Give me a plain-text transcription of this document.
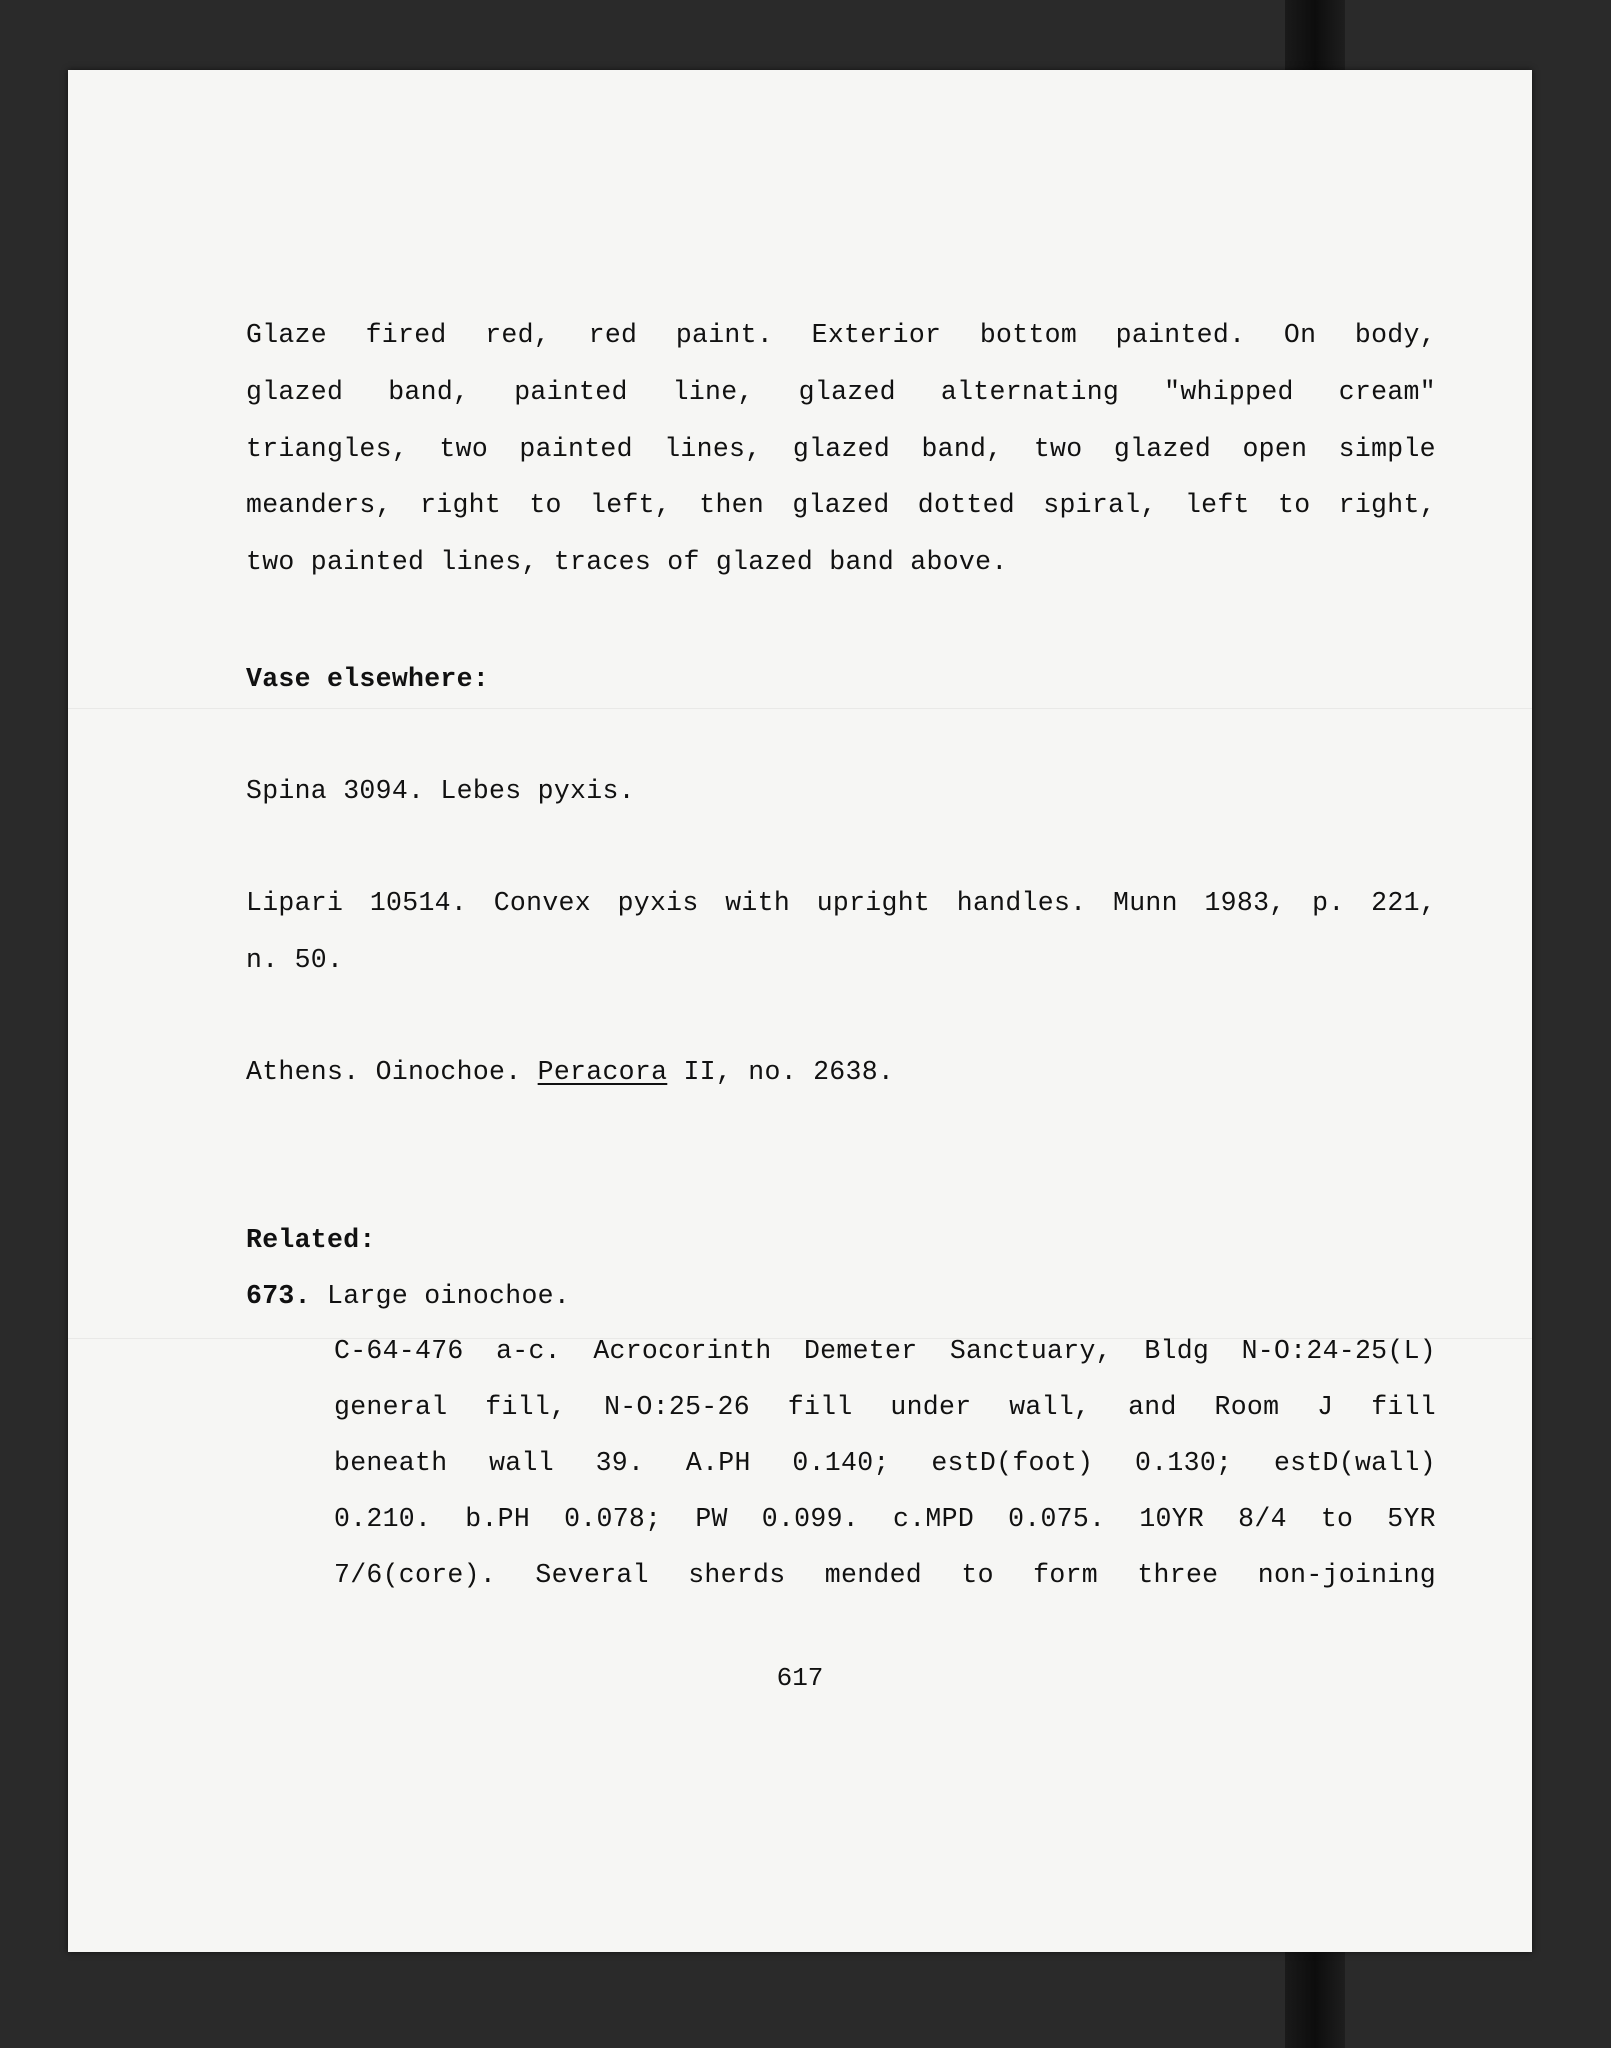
Glaze fired red, red paint. Exterior bottom painted. On body,
glazed band, painted line, glazed alternating "whipped cream"
triangles, two painted lines, glazed band, two glazed open simple
meanders, right to left, then glazed dotted spiral, left to right,
two painted lines, traces of glazed band above.
Vase elsewhere:
Spina 3094. Lebes pyxis.
Lipari 10514. Convex pyxis with upright handles. Munn 1983, p. 221,
n. 50.
Athens. Oinochoe. Peracora II, no. 2638.
Related:
673. Large oinochoe.
C-64-476 a-c. Acrocorinth Demeter Sanctuary, Bldg N-O:24-25(L)
general fill, N-O:25-26 fill under wall, and Room J fill
beneath wall 39. A.PH 0.140; estD(foot) 0.130; estD(wall)
0.210. b.PH 0.078; PW 0.099. c.MPD 0.075. 10YR 8/4 to 5YR
7/6(core). Several sherds mended to form three non-joining
617
